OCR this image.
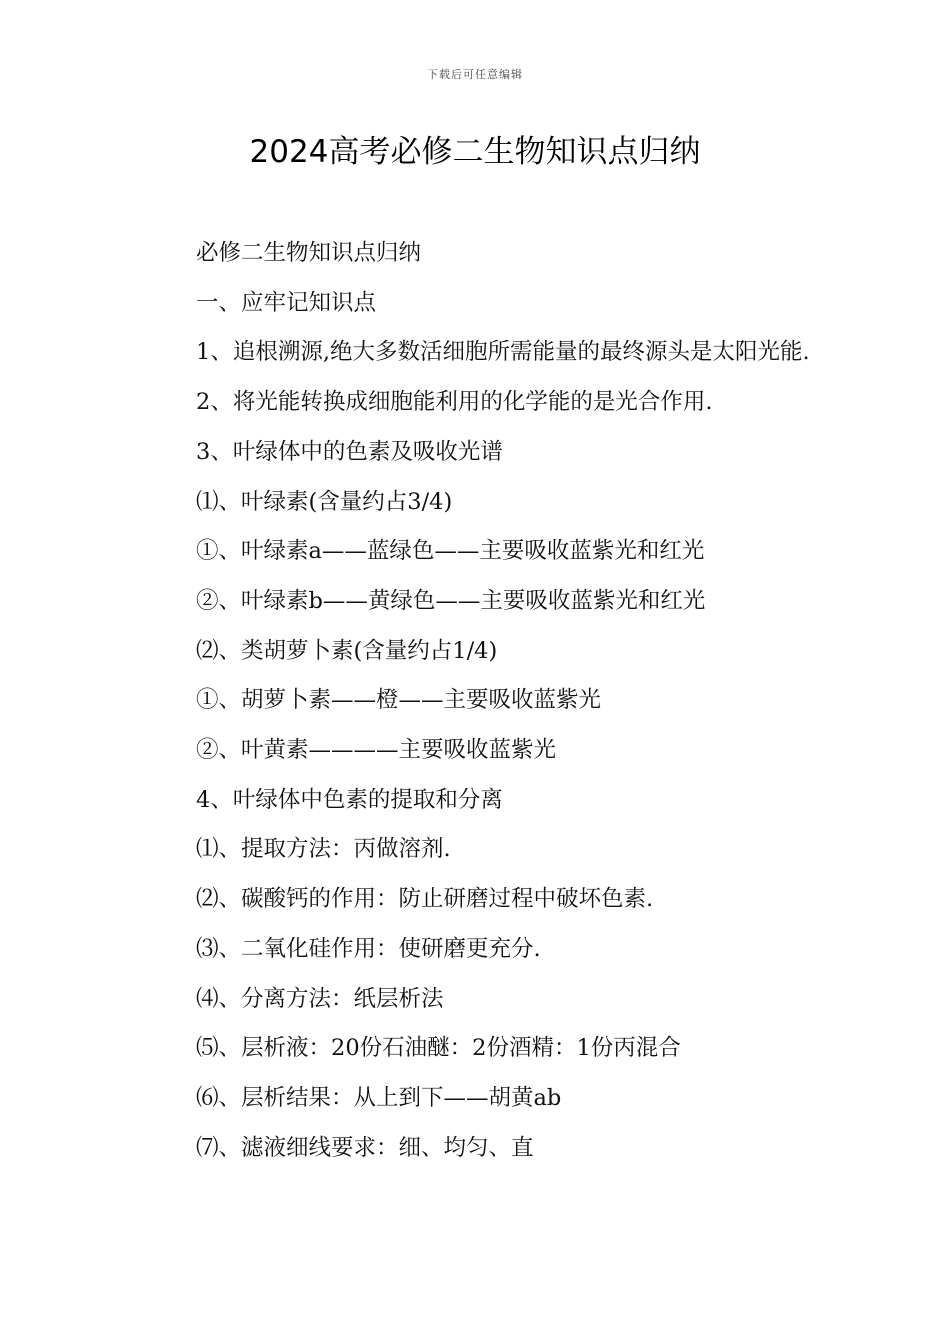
下载后可任意编辑
2024高考必修二生物知识点归纳

必修二生物知识点归纳

一、应牢记知识点

1、追根溯源,绝大多数活细胞所需能量的最终源头是太阳光能.

2、将光能转换成细胞能利用的化学能的是光合作用.

3、叶绿体中的色素及吸收光谱

⑴、叶绿素(含量约占3/4)

①、叶绿素a——蓝绿色——主要吸收蓝紫光和红光

②、叶绿素b——黄绿色——主要吸收蓝紫光和红光

⑵、类胡萝卜素(含量约占1/4)

①、胡萝卜素——橙——主要吸收蓝紫光

②、叶黄素————主要吸收蓝紫光

4、叶绿体中色素的提取和分离

⑴、提取方法：丙做溶剂.

⑵、碳酸钙的作用：防止研磨过程中破坏色素.

⑶、二氧化硅作用：使研磨更充分.

⑷、分离方法：纸层析法

⑸、层析液：20份石油醚：2份酒精：1份丙混合

⑹、层析结果：从上到下——胡黄ab

⑺、滤液细线要求：细、均匀、直
